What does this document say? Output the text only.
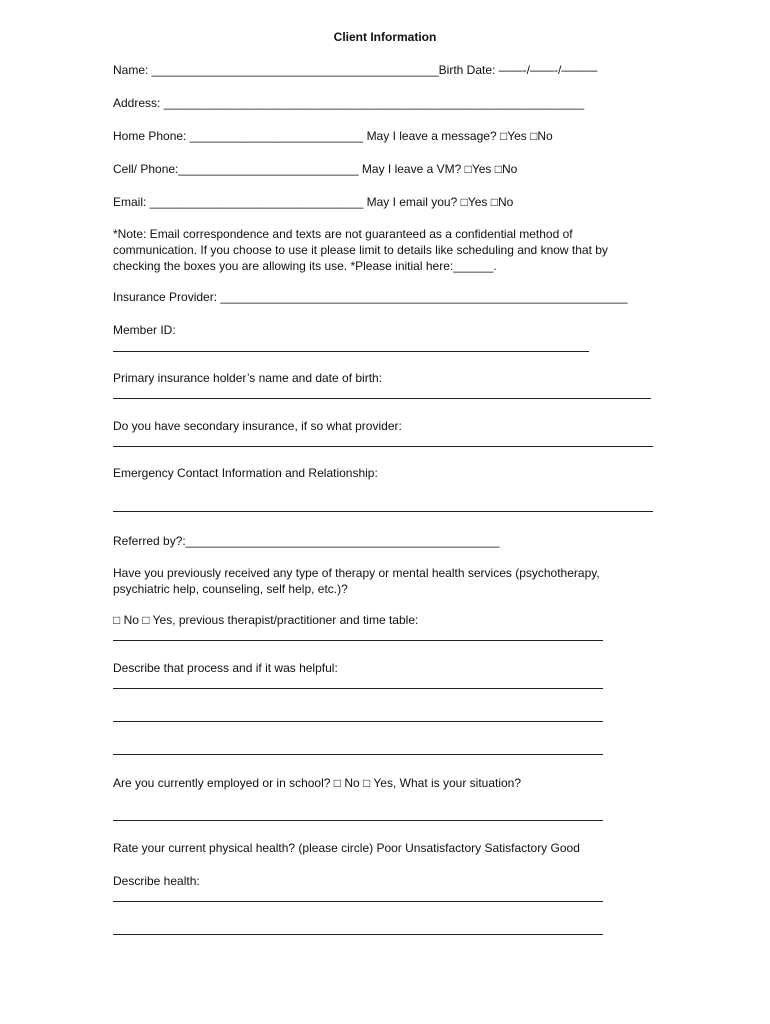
Client Information
Name: ___________________________________________Birth Date: ——-/——-/———
Address: _______________________________________________________________
Home Phone: __________________________ May I leave a message? □Yes □No
Cell/ Phone:___________________________ May I leave a VM? □Yes □No
Email: ________________________________ May I email you? □Yes □No
*Note: Email correspondence and texts are not guaranteed as a confidential method of communication. If you choose to use it please limit to details like scheduling and know that by checking the boxes you are allowing its use. *Please initial here:______.
Insurance Provider: _____________________________________________________________
Member ID:
Primary insurance holder’s name and date of birth:
Do you have secondary insurance, if so what provider:
Emergency Contact Information and Relationship:
Referred by?:_______________________________________________
Have you previously received any type of therapy or mental health services (psychotherapy, psychiatric help, counseling, self help, etc.)?
□ No □ Yes, previous therapist/practitioner and time table:
Describe that process and if it was helpful:
Are you currently employed or in school? □ No □ Yes, What is your situation?
Rate your current physical health? (please circle) Poor Unsatisfactory Satisfactory Good
Describe health:
